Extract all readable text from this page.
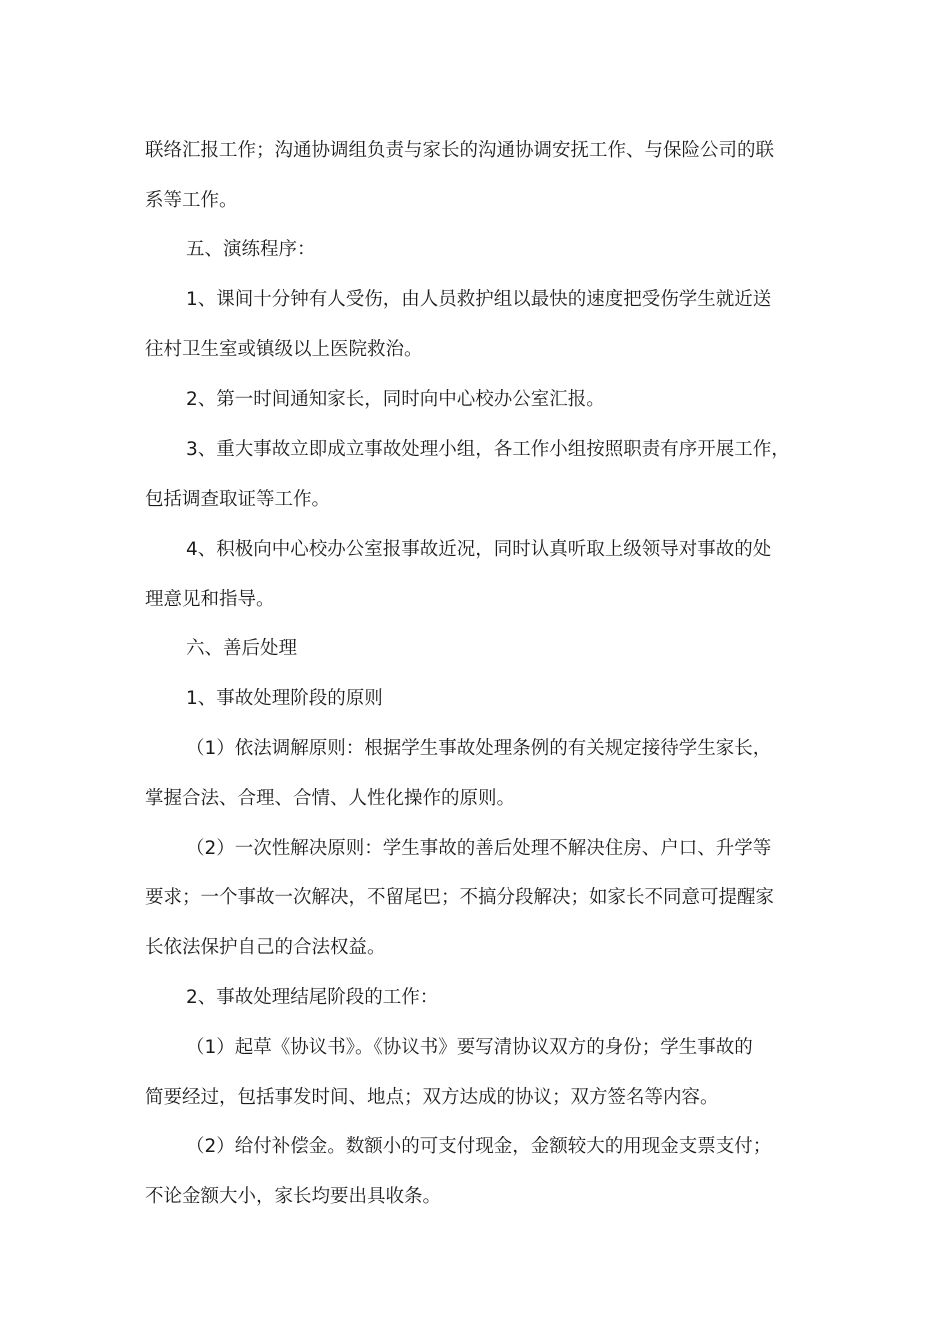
联络汇报工作；沟通协调组负责与家长的沟通协调安抚工作、与保险公司的联
系等工作。
五、演练程序：
1、课间十分钟有人受伤，由人员救护组以最快的速度把受伤学生就近送
往村卫生室或镇级以上医院救治。
2、第一时间通知家长，同时向中心校办公室汇报。
3、重大事故立即成立事故处理小组，各工作小组按照职责有序开展工作，
包括调查取证等工作。
4、积极向中心校办公室报事故近况，同时认真听取上级领导对事故的处
理意见和指导。
六、善后处理
1、事故处理阶段的原则
（1）依法调解原则：根据学生事故处理条例的有关规定接待学生家长，
掌握合法、合理、合情、人性化操作的原则。
（2）一次性解决原则：学生事故的善后处理不解决住房、户口、升学等
要求；一个事故一次解决，不留尾巴；不搞分段解决；如家长不同意可提醒家
长依法保护自己的合法权益。
2、事故处理结尾阶段的工作：
（1）起草《协议书》。《协议书》要写清协议双方的身份；学生事故的
简要经过，包括事发时间、地点；双方达成的协议；双方签名等内容。
（2）给付补偿金。数额小的可支付现金，金额较大的用现金支票支付；
不论金额大小，家长均要出具收条。
